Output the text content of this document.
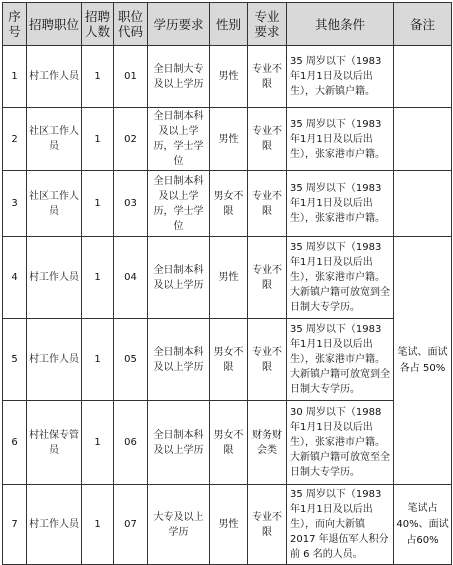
序号	招聘职位	招聘人数	职位代码	学历要求	性别	专业要求	其他条件	备注
1	村工作人员	1	01	全日制大专及以上学历	男性	专业不限	35 周岁以下（1983年1月1日及以后出生），大新镇户籍。	
2	社区工作人员	1	02	全日制本科及以上学历，学士学位	男性	专业不限	35 周岁以下（1983年1月1日及以后出生），张家港市户籍。	
3	社区工作人员	1	03	全日制本科及以上学历，学士学位	男女不限	专业不限	35 周岁以下（1983年1月1日及以后出生），张家港市户籍。	
4	村工作人员	1	04	全日制本科及以上学历	男性	专业不限	35 周岁以下（1983年1月1日及以后出生），张家港市户籍。大新镇户籍可放宽到全日制大专学历。	笔试、面试各占 50%
5	村工作人员	1	05	全日制本科及以上学历	男女不限	专业不限	35 周岁以下（1983年1月1日及以后出生），张家港市户籍。大新镇户籍可放宽到全日制大专学历。	
6	村社保专管员	1	06	全日制本科及以上学历	男女不限	财务财会类	30 周岁以下（1988年1月1日及以后出生），张家港市户籍。大新镇户籍可放宽至全日制大专学历。	
7	村工作人员	1	07	大专及以上学历	男性	专业不限	35 周岁以下（1983年1月1日及以后出生），而向大新镇2017 年退伍军人积分前 6 名的人员。	笔试占40%、面试占60%
